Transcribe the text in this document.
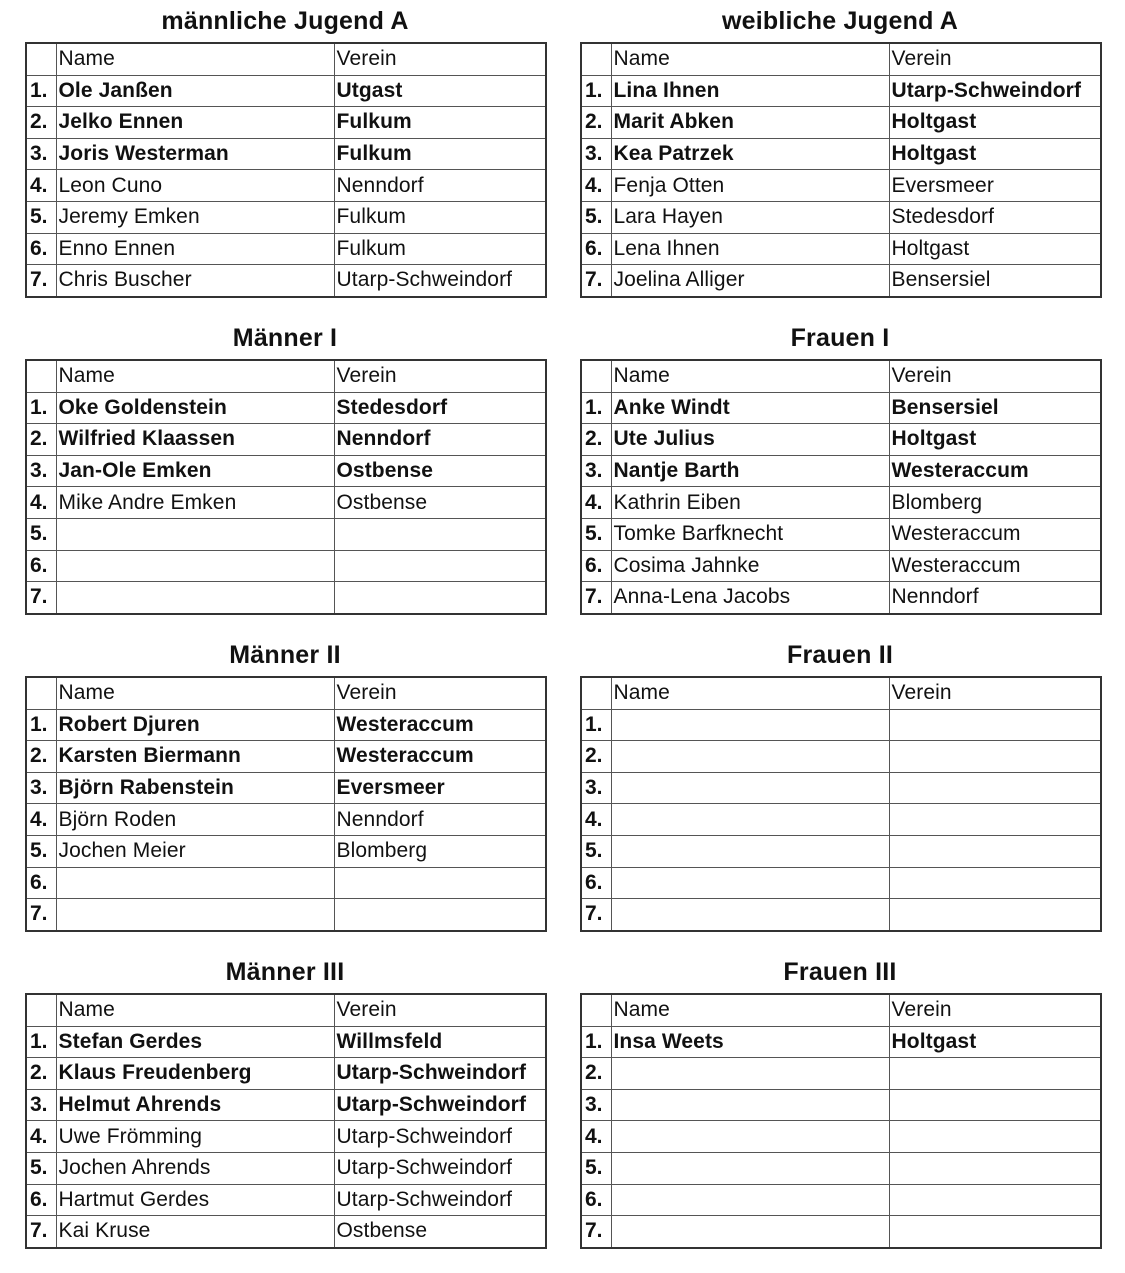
männliche Jugend A
	Name	Verein
1.	Ole Janßen	Utgast
2.	Jelko Ennen	Fulkum
3.	Joris Westerman	Fulkum
4.	Leon Cuno	Nenndorf
5.	Jeremy Emken	Fulkum
6.	Enno Ennen	Fulkum
7.	Chris Buscher	Utarp-Schweindorf
weibliche Jugend A
	Name	Verein
1.	Lina Ihnen	Utarp-Schweindorf
2.	Marit Abken	Holtgast
3.	Kea Patrzek	Holtgast
4.	Fenja Otten	Eversmeer
5.	Lara Hayen	Stedesdorf
6.	Lena Ihnen	Holtgast
7.	Joelina Alliger	Bensersiel
Männer I
	Name	Verein
1.	Oke Goldenstein	Stedesdorf
2.	Wilfried Klaassen	Nenndorf
3.	Jan-Ole Emken	Ostbense
4.	Mike Andre Emken	Ostbense
5.		
6.		
7.		
Frauen I
	Name	Verein
1.	Anke Windt	Bensersiel
2.	Ute Julius	Holtgast
3.	Nantje Barth	Westeraccum
4.	Kathrin Eiben	Blomberg
5.	Tomke Barfknecht	Westeraccum
6.	Cosima Jahnke	Westeraccum
7.	Anna-Lena Jacobs	Nenndorf
Männer II
	Name	Verein
1.	Robert Djuren	Westeraccum
2.	Karsten Biermann	Westeraccum
3.	Björn Rabenstein	Eversmeer
4.	Björn Roden	Nenndorf
5.	Jochen Meier	Blomberg
6.		
7.		
Frauen II
	Name	Verein
1.		
2.		
3.		
4.		
5.		
6.		
7.		
Männer III
	Name	Verein
1.	Stefan Gerdes	Willmsfeld
2.	Klaus Freudenberg	Utarp-Schweindorf
3.	Helmut Ahrends	Utarp-Schweindorf
4.	Uwe Frömming	Utarp-Schweindorf
5.	Jochen Ahrends	Utarp-Schweindorf
6.	Hartmut Gerdes	Utarp-Schweindorf
7.	Kai Kruse	Ostbense
Frauen III
	Name	Verein
1.	Insa Weets	Holtgast
2.		
3.		
4.		
5.		
6.		
7.		
